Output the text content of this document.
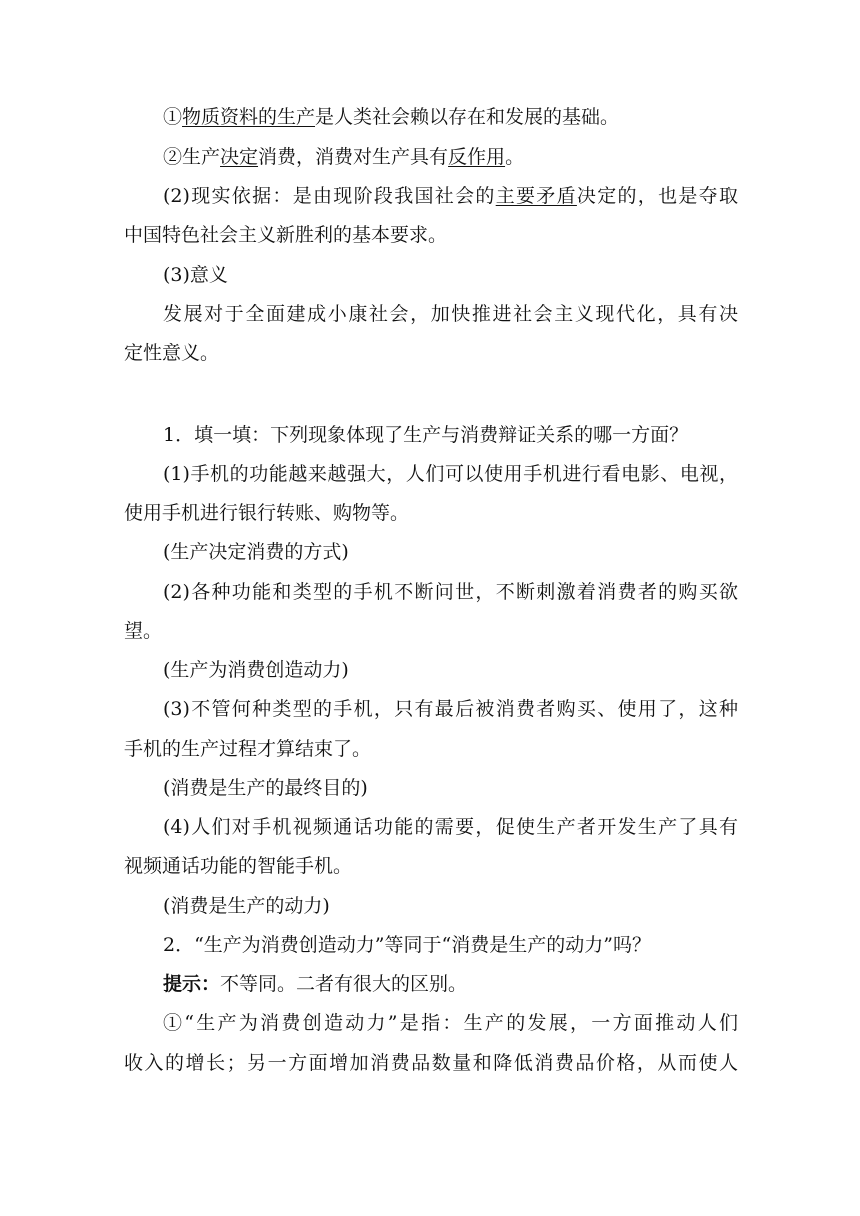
①物质资料的生产是人类社会赖以存在和发展的基础。
②生产决定消费，消费对生产具有反作用。
(2)现实依据：是由现阶段我国社会的主要矛盾决定的，也是夺取
中国特色社会主义新胜利的基本要求。
(3)意义
发展对于全面建成小康社会，加快推进社会主义现代化，具有决
定性意义。
1．填一填：下列现象体现了生产与消费辩证关系的哪一方面？
(1)手机的功能越来越强大，人们可以使用手机进行看电影、电视，
使用手机进行银行转账、购物等。
(生产决定消费的方式)
(2)各种功能和类型的手机不断问世，不断刺激着消费者的购买欲
望。
(生产为消费创造动力)
(3)不管何种类型的手机，只有最后被消费者购买、使用了，这种
手机的生产过程才算结束了。
(消费是生产的最终目的)
(4)人们对手机视频通话功能的需要，促使生产者开发生产了具有
视频通话功能的智能手机。
(消费是生产的动力)
2．“生产为消费创造动力”等同于“消费是生产的动力”吗？
提示：不等同。二者有很大的区别。
①“生产为消费创造动力”是指：生产的发展，一方面推动人们
收入的增长；另一方面增加消费品数量和降低消费品价格，从而使人
